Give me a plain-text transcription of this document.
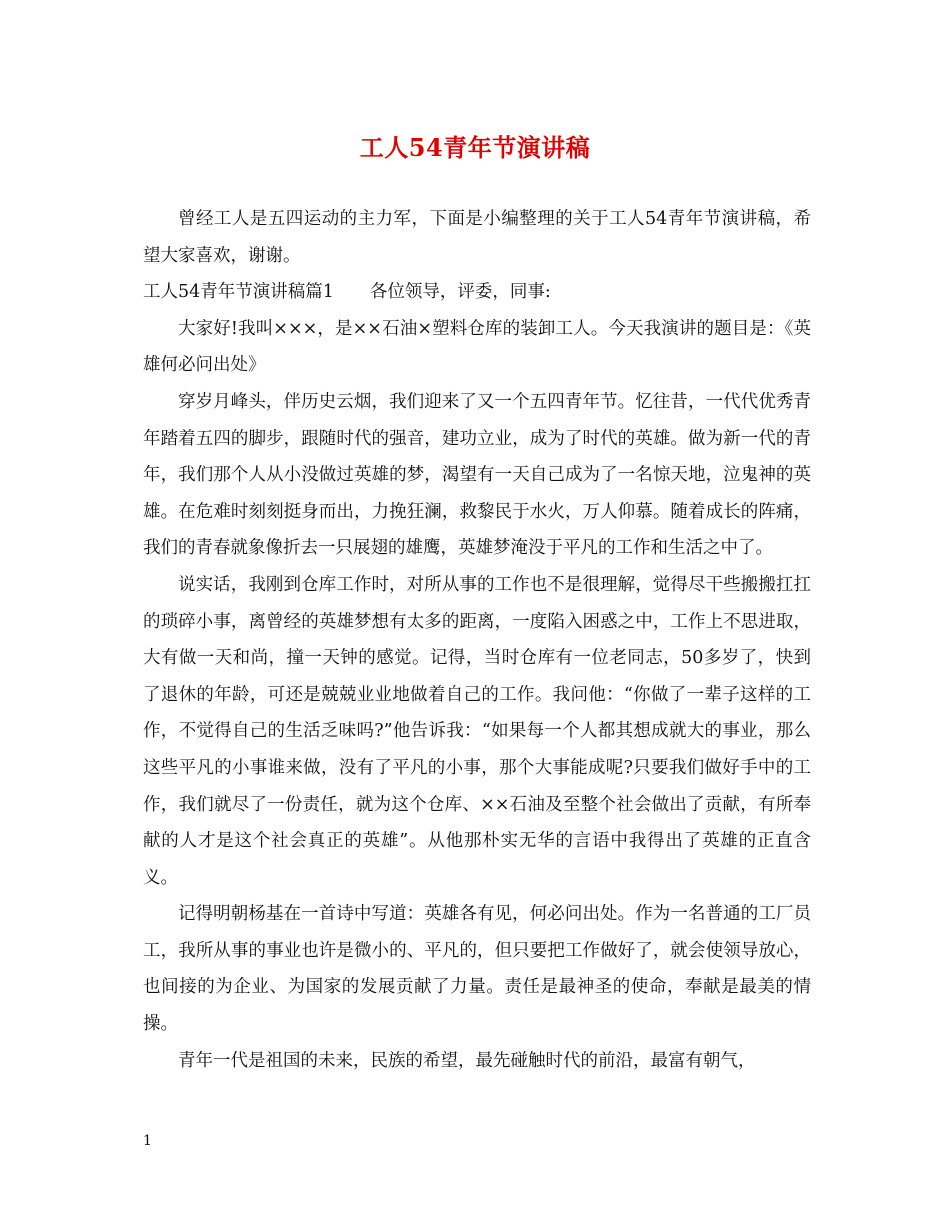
工人54青年节演讲稿

曾经工人是五四运动的主力军，下面是小编整理的关于工人54青年节演讲稿，希望大家喜欢，谢谢。

工人54青年节演讲稿篇1 各位领导，评委，同事:

大家好!我叫×××，是××石油×塑料仓库的装卸工人。今天我演讲的题目是：《英雄何必问出处》

穿岁月峰头，伴历史云烟，我们迎来了又一个五四青年节。忆往昔，一代代优秀青年踏着五四的脚步，跟随时代的强音，建功立业，成为了时代的英雄。做为新一代的青年，我们那个人从小没做过英雄的梦，渴望有一天自己成为了一名惊天地，泣鬼神的英雄。在危难时刻刻挺身而出，力挽狂澜，救黎民于水火，万人仰慕。随着成长的阵痛，我们的青春就象像折去一只展翅的雄鹰，英雄梦淹没于平凡的工作和生活之中了。

说实话，我刚到仓库工作时，对所从事的工作也不是很理解，觉得尽干些搬搬扛扛的琐碎小事，离曾经的英雄梦想有太多的距离，一度陷入困惑之中，工作上不思进取，大有做一天和尚，撞一天钟的感觉。记得，当时仓库有一位老同志，50多岁了，快到了退休的年龄，可还是兢兢业业地做着自己的工作。我问他：“你做了一辈子这样的工作，不觉得自己的生活乏味吗?”他告诉我：“如果每一个人都其想成就大的事业，那么这些平凡的小事谁来做，没有了平凡的小事，那个大事能成呢?只要我们做好手中的工作，我们就尽了一份责任，就为这个仓库、××石油及至整个社会做出了贡献，有所奉献的人才是这个社会真正的英雄”。从他那朴实无华的言语中我得出了英雄的正直含义。

记得明朝杨基在一首诗中写道：英雄各有见，何必问出处。作为一名普通的工厂员工，我所从事的事业也许是微小的、平凡的，但只要把工作做好了，就会使领导放心，也间接的为企业、为国家的发展贡献了力量。责任是最神圣的使命，奉献是最美的情操。

青年一代是祖国的未来，民族的希望，最先碰触时代的前沿，最富有朝气，

1
